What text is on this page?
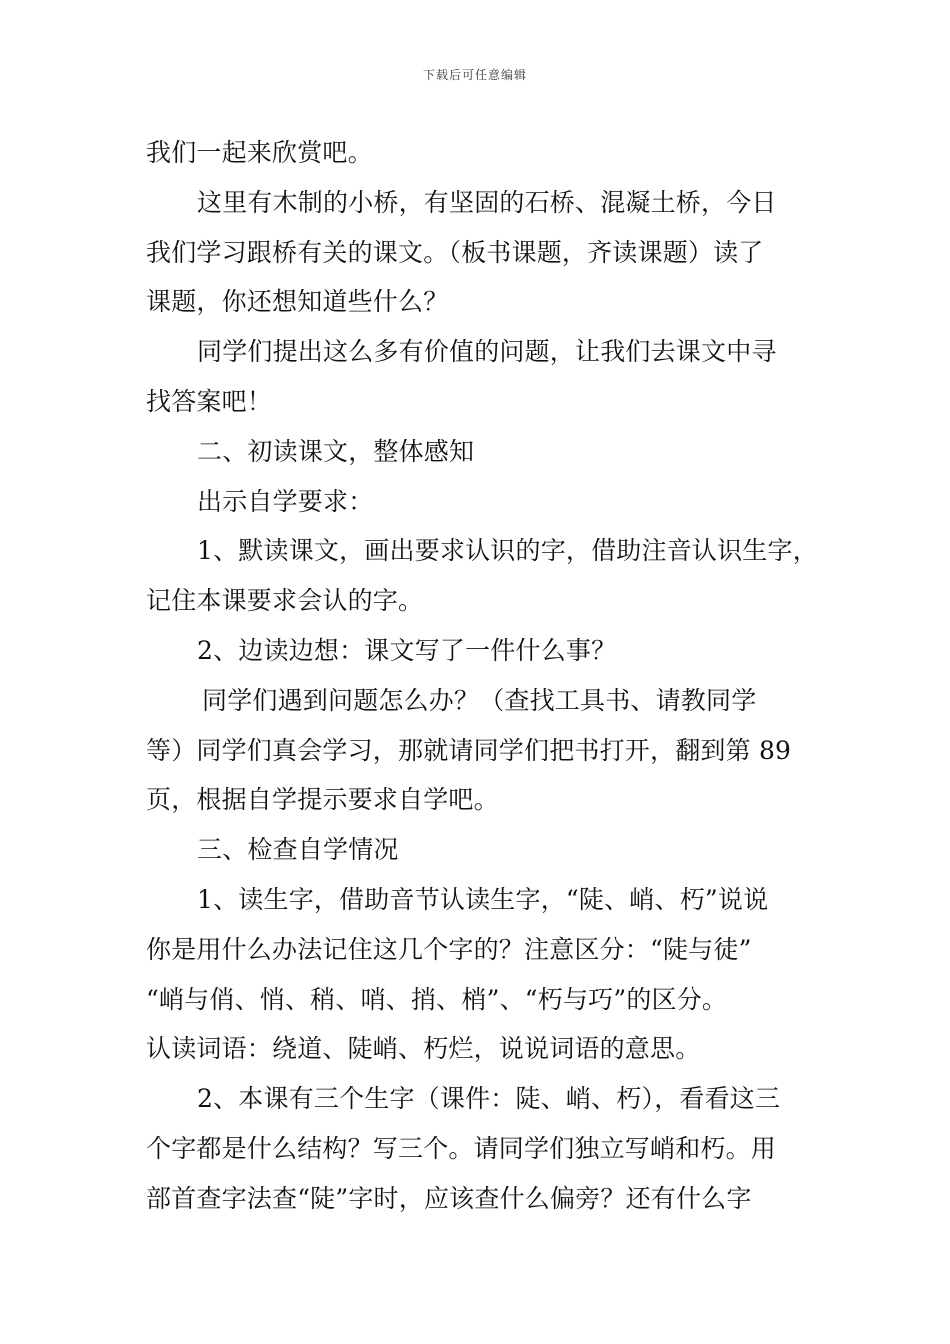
下载后可任意编辑
我们一起来欣赏吧。
这里有木制的小桥，有坚固的石桥、混凝土桥，今日
我们学习跟桥有关的课文。（板书课题，齐读课题）读了
课题，你还想知道些什么？
同学们提出这么多有价值的问题，让我们去课文中寻
找答案吧！
二、初读课文，整体感知
出示自学要求：
1、默读课文，画出要求认识的字，借助注音认识生字，
记住本课要求会认的字。
2、边读边想：课文写了一件什么事？
同学们遇到问题怎么办？（查找工具书、请教同学
等）同学们真会学习，那就请同学们把书打开，翻到第 89
页，根据自学提示要求自学吧。
三、检查自学情况
1、读生字，借助音节认读生字，“陡、峭、朽”说说
你是用什么办法记住这几个字的？注意区分：“陡与徒”
“峭与俏、悄、稍、哨、捎、梢”、“朽与巧”的区分。
认读词语：绕道、陡峭、朽烂，说说词语的意思。
2、本课有三个生字（课件：陡、峭、朽），看看这三
个字都是什么结构？写三个。请同学们独立写峭和朽。用
部首查字法查“陡”字时，应该查什么偏旁？还有什么字
